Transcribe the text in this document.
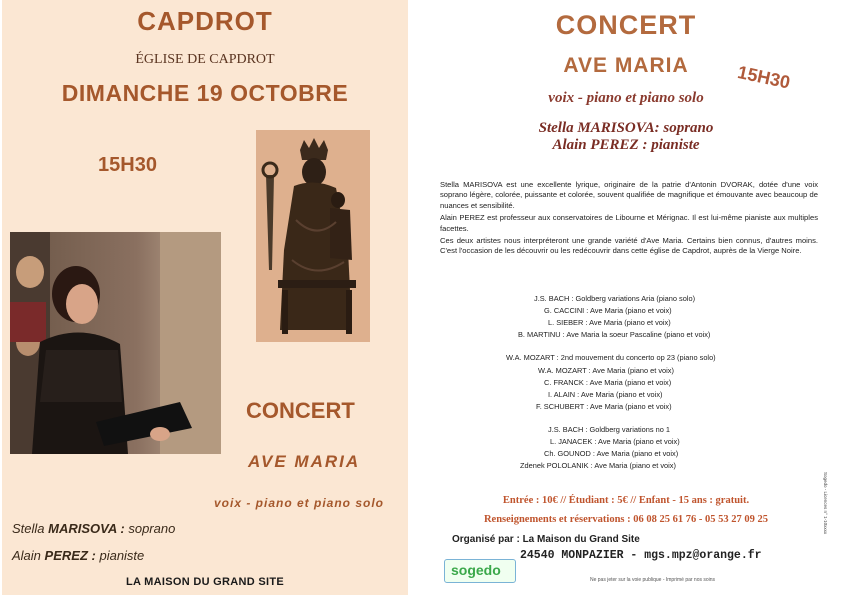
CAPDROT
ÉGLISE DE CAPDROT
DIMANCHE 19 OCTOBRE
15H30
CONCERT
AVE MARIA
voix - piano et piano solo
Stella MARISOVA : soprano
Alain PEREZ : pianiste
LA MAISON DU GRAND SITE
CONCERT
AVE MARIA	15H30
voix - piano et piano solo
Stella MARISOVA: soprano
Alain PEREZ : pianiste

Stella MARISOVA est une excellente lyrique, originaire de la patrie d'Antonin DVORAK, dotée d'une voix soprano légère, colorée, puissante et colorée, souvent qualifiée de magnifique et émouvante avec beaucoup de nuances et sensibilité.

Alain PEREZ est professeur aux conservatoires de Libourne et Mérignac. Il est lui-même pianiste aux multiples facettes.

Ces deux artistes nous interpréteront une grande variété d'Ave Maria. Certains bien connus, d'autres moins. C'est l'occasion de les découvrir ou les redécouvrir dans cette église de Capdrot, auprès de la Vierge Noire.

J.S. BACH : Goldberg variations Aria (piano solo)
G. CACCINI : Ave Maria (piano et voix)
L. SIEBER : Ave Maria (piano et voix)
B. MARTINU : Ave Maria la soeur Pascaline (piano et voix)
W.A. MOZART : 2nd mouvement du concerto op 23 (piano solo)
W.A. MOZART : Ave Maria (piano et voix)
C. FRANCK : Ave Maria (piano et voix)
I. ALAIN : Ave Maria (piano et voix)
F. SCHUBERT : Ave Maria (piano et voix)
J.S. BACH : Goldberg variations no 1
L. JANACEK : Ave Maria (piano et voix)
Ch. GOUNOD : Ave Maria (piano et voix)
Zdenek POLOLANIK : Ave Maria (piano et voix)
Entrée : 10€ // Étudiant : 5€ // Enfant - 15 ans : gratuit.
Renseignements et réservations : 06 08 25 61 76 - 05 53 27 09 25
Organisé par : La Maison du Grand Site
24540 MONPAZIER - mgs.mpz@orange.fr
sogedo
Ne pas jeter sur la voie publique - Imprimé par nos soins
Sogedo - Licences n° 1-10xxxx
